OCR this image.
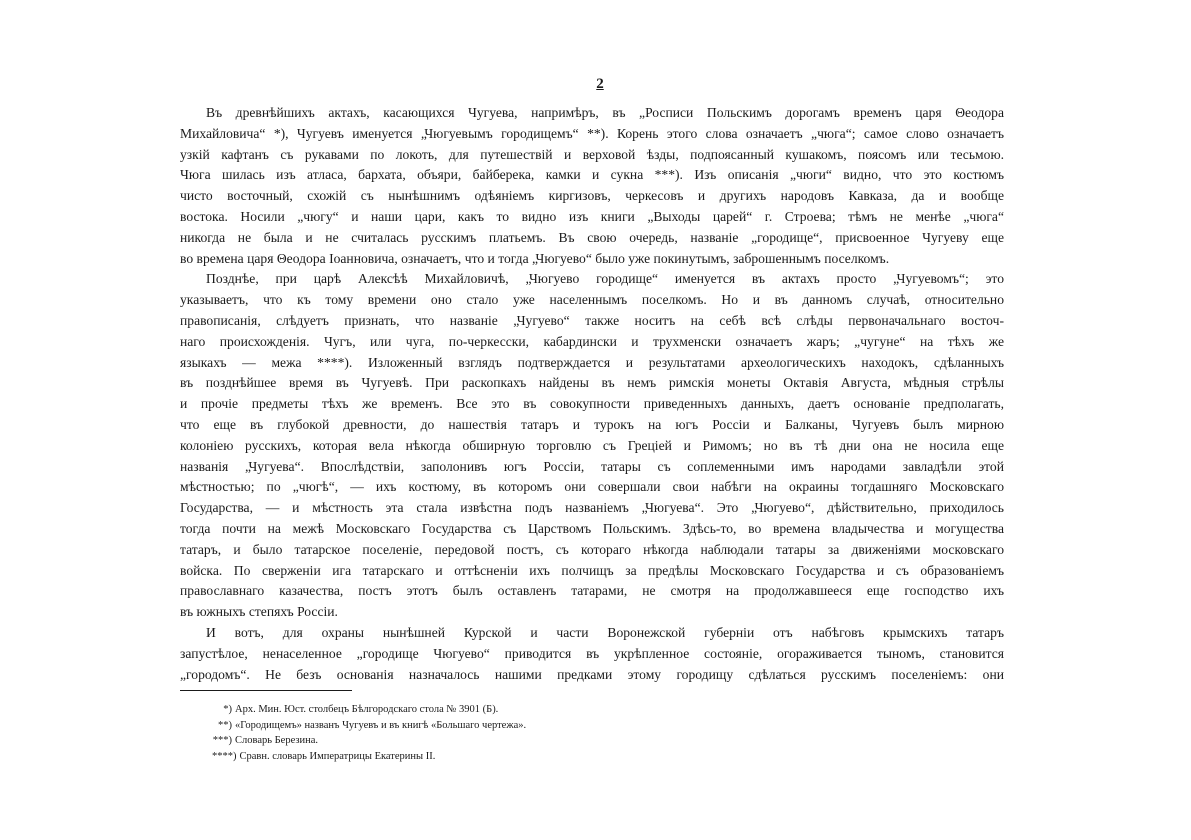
2
Въ древнѣйшихъ актахъ, касающихся Чугуева, напримѣръ, въ „Росписи Польскимъ дорогамъ временъ царя Θеодора
Михайловича“ *), Чугуевъ именуется „Чюгуевымъ городищемъ“ **). Корень этого слова означаетъ „чюга“; самое слово означаетъ
узкій кафтанъ съ рукавами по локоть, для путешествій и верховой ѣзды, подпоясанный кушакомъ, поясомъ или тесьмою.
Чюга шилась изъ атласа, бархата, объяри, байберека, камки и сукна ***). Изъ описанія „чюги“ видно, что это костюмъ
чисто восточный, схожій съ нынѣшнимъ одѣяніемъ киргизовъ, черкесовъ и другихъ народовъ Кавказа, да и вообще
востока. Носили „чюгу“ и наши цари, какъ то видно изъ книги „Выходы царей“ г. Строева; тѣмъ не менѣе „чюга“
никогда не была и не считалась русскимъ платьемъ. Въ свою очередь, названіе „городище“, присвоенное Чугуеву еще
во времена царя Θеодора Іоанновича, означаетъ, что и тогда „Чюгуево“ было уже покинутымъ, заброшеннымъ поселкомъ.
Позднѣе, при царѣ Алексѣѣ Михайловичѣ, „Чюгуево городище“ именуется въ актахъ просто „Чугуевомъ“; это
указываетъ, что къ тому времени оно стало уже населеннымъ поселкомъ. Но и въ данномъ случаѣ, относительно
правописанія, слѣдуетъ признать, что названіе „Чугуево“ также носитъ на себѣ всѣ слѣды первоначальнаго восточ-
наго происхожденія. Чугъ, или чуга, по-черкесски, кабардински и трухменски означаетъ жаръ; „чугуне“ на тѣхъ же
языкахъ — межа ****). Изложенный взглядъ подтверждается и результатами археологическихъ находокъ, сдѣланныхъ
въ позднѣйшее время въ Чугуевѣ. При раскопкахъ найдены въ немъ римскія монеты Октавія Августа, мѣдныя стрѣлы
и прочіе предметы тѣхъ же временъ. Все это въ совокупности приведенныхъ данныхъ, даетъ основаніе предполагать,
что еще въ глубокой древности, до нашествія татаръ и турокъ на югъ Россіи и Балканы, Чугуевъ былъ мирною
колоніею русскихъ, которая вела нѣкогда обширную торговлю съ Греціей и Римомъ; но въ тѣ дни она не носила еще
названія „Чугуева“. Впослѣдствіи, заполонивъ югъ Россіи, татары съ соплеменными имъ народами завладѣли этой
мѣстностью; по „чюгѣ“, — ихъ костюму, въ которомъ они совершали свои набѣги на окраины тогдашняго Московскаго
Государства, — и мѣстность эта стала извѣстна подъ названіемъ „Чюгуева“. Это „Чюгуево“, дѣйствительно, приходилось
тогда почти на межѣ Московскаго Государства съ Царствомъ Польскимъ. Здѣсь-то, во времена владычества и могущества
татаръ, и было татарское поселеніе, передовой постъ, съ котораго нѣкогда наблюдали татары за движеніями московскаго
войска. По сверженіи ига татарскаго и оттѣсненіи ихъ полчищъ за предѣлы Московскаго Государства и съ образованіемъ
православнаго казачества, постъ этотъ былъ оставленъ татарами, не смотря на продолжавшееся еще господство ихъ
въ южныхъ степяхъ Россіи.
И вотъ, для охраны нынѣшней Курской и части Воронежской губерніи отъ набѣговъ крымскихъ татаръ
запустѣлое, ненаселенное „городище Чюгуево“ приводится въ укрѣпленное состояніе, огораживается тыномъ, становится
„городомъ“. Не безъ основанія назначалось нашими предками этому городищу сдѣлаться русскимъ поселеніемъ: они
*) Арх. Мин. Юст. столбецъ Бѣлгородскаго стола № 3901 (Б).
**) «Городищемъ» названъ Чугуевъ и въ книгѣ «Большаго чертежа».
***) Словарь Березина.
****) Сравн. словарь Императрицы Екатерины II.
